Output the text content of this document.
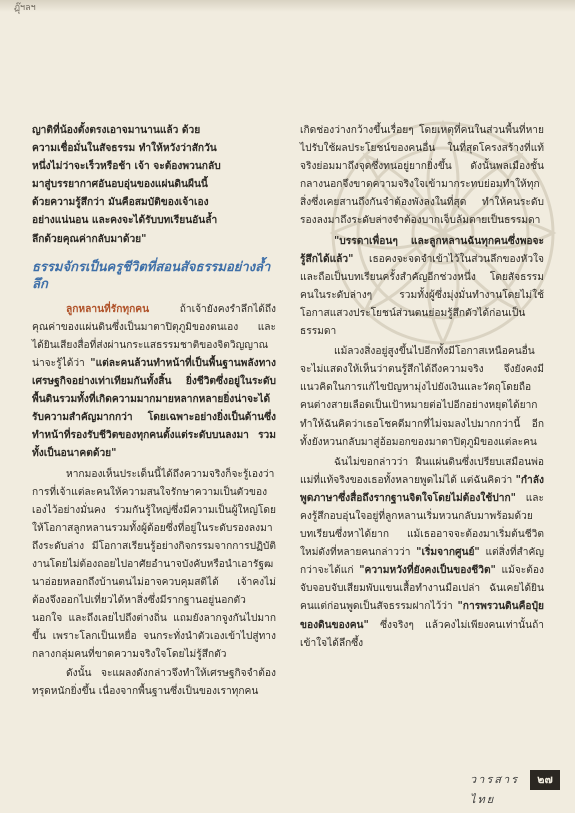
ฏุ๊ฯลฯ
ญาติที่น้องตั้งตรงเอาจมานานแล้ว ด้วย
ความเชื่อมั่นในสัจธรรม ทำให้หวังว่าสักวัน
หนึ่งไม่ว่าจะเร็วหรือช้า เจ้า จะต้องพวนกลับ
มาสู่บรรยากาศอันอบอุ่นของแผ่นดินผืนนี้
ด้วยความรู้สึกว่า มันคือสมบัติของเจ้าเอง
อย่างแน่นอน และคงจะได้รับบทเรียนอันล้ำ
ลึกด้วยคุณค่ากลับมาด้วย"
ธรรมจักรเป็นครูชีวิตที่สอนสัจธรรมอย่างล้ำลึก

ลูกหลานที่รักทุกคน	ถ้าเจ้ายังคงรำลึกได้ถึงคุณค่าของแผ่นดินซึ่งเป็นมาตาปิตุภูมิของตนเอง และได้ยินเสียงสื่อที่ส่งผ่านกระแสธรรมชาติของจิตวิญญาณ น่าจะรู้ได้ว่า "แต่ละคนล้วนทำหน้าที่เป็นพื้นฐานพลังทางเศรษฐกิจอย่างเท่าเทียมกันทั้งสิ้น ยิ่งชีวิตซึ่งอยู่ในระดับพื้นดินรวมทั้งที่เกิดความมากมายหลากหลายยิ่งน่าจะได้รับความสำคัญมากกว่า โดยเฉพาะอย่างยิ่งเป็นด้านซึ่งทำหน้าที่รองรับชีวิตของทุกคนตั้งแต่ระดับบนลงมา รวมทั้งเป็นอนาคตด้วย"

หากมองเห็นประเด็นนี้ได้ถึงความจริงก็จะรู้เองว่า การที่เจ้าแต่ละคนให้ความสนใจรักษาความเป็นตัวของเองไว้อย่างมั่นคง ร่วมกันรู้ใหญ่ซึ่งมีความเป็นผู้ใหญ่โดยให้โอกาสลูกหลานรวมทั้งผู้ด้อยซึ่งที่อยู่ในระดับรองลงมาถึงระดับล่าง มีโอกาสเรียนรู้อย่างกิจกรรมจากการปฏิบัติงานโดยไม่ต้องถอยไปอาศัยอำนาจบังคับหรือนำเอารัฐฒนาอ่อยหลอกถึงบ้านตนไม่อาจควบคุมสติได้ เจ้าคงไม่ต้องจึงออกไปเที่ยวได้หาสิ่งซึ่งมีรากฐานอยู่นอกตัวนอกใจ และถึงเลยไปถึงต่างถิ่น แถมยังลากจูงกันไปมากขึ้น เพราะโลกเป็นเหยื่อ จนกระทั่งนำตัวเองเข้าไปสู่ทางกลางกลุ่มคนที่ขาดความจริงใจโดยไม่รู้สึกตัว

ดังนั้น จะแผลงดังกล่าวจึงทำให้เศรษฐกิจจำต้องทรุดหนักยิ่งขึ้น เนื่องจากพื้นฐานซึ่งเป็นของเราทุกคน

เกิดช่องว่างกว้างขึ้นเรื่อยๆ โดยเหตุที่คนในส่วนพื้นที่หายไปรับใช้ผลประโยชน์ของคนอื่น ในที่สุดโครงสร้างที่แท้จริงย่อมมาถึงจุดซึ่งทนอยู่ยากยิ่งขึ้น ดังนั้นพลเมืองชั้นกลางนอกจึงขาดความจริงใจเข้ามากระทบย่อมทำให้ทุกสิ่งซึ่งเคยสานถึงกันจำต้องพังลงในที่สุด ทำให้คนระดับรองลงมาถึงระดับล่างจำต้องบากเจ็บล้มตายเป็นธรรมดา

"บรรดาเพื่อนๆ และลูกหลานฉันทุกคนซึ่งพอจะรู้สึกได้แล้ว" เธอคงจะจดจำเข้าไว้ในส่วนลึกของหัวใจและถือเป็นบทเรียนครั้งสำคัญอีกช่วงหนึ่ง โดยสัจธรรมคนในระดับล่างๆ รวมทั้งผู้ซึ่งมุ่งมั่นทำงานโดยไม่ใช้โอกาสแสวงประโยชน์ส่วนตนย่อมรู้สึกตัวได้ก่อนเป็นธรรมดา

แม้ลวงสิ่งอยู่สูงขึ้นไปอีกทั้งมีโอกาสเหนือคนอื่นจะไม่แสดงให้เห็นว่าตนรู้สึกได้ถึงความจริง จึงยังคงมีแนวคิดในการแก้ไขปัญหามุ่งไปยังเงินและวัตถุโดยถือคนต่างสายเลือดเป็นเป้าหมายต่อไปอีกอย่างหยุดได้ยาก ทำให้ฉันคิดว่าเธอโชคดีมากที่ไม่จมลงไปมากกว่านี้ อีกทั้งยังหวนกลับมาสู่อ้อมอกของมาตาปิตุภูมิของแต่ละคน

ฉันไม่ขอกล่าวว่า ฝืนแผ่นดินซึ่งเปรียบเสมือนพ่อแม่ที่แท้จริงของเธอทั้งหลายพูดไม่ได้ แต่ฉันคิดว่า "กำลังพูดภาษาซึ่งสื่อถึงรากฐานจิตใจโดยไม่ต้องใช้ปาก" และคงรู้สึกอบอุ่นใจอยู่ที่ลูกหลานเริ่มหวนกลับมาพร้อมด้วยบทเรียนซึ่งหาได้ยาก แม้เธออาจจะต้องมาเริ่มต้นชีวิตใหม่ดังที่หลายคนกล่าวว่า "เริ่มจากศูนย์" แต่สิ่งที่สำคัญกว่าจะได้แก่ "ความหวังที่ยังคงเป็นของชีวิต" แม้จะต้องจับจอบจับเสียมพับแขนเสื้อทำงานมือเปล่า ฉันเคยได้ยินคนแต่ก่อนพูดเป็นสัจธรรมฝากไว้ว่า "การพรวนดินคือปุ๋ยของดินของคน" ซึ่งจริงๆ แล้วคงไม่เพียงคนเท่านั้นถ้าเข้าใจได้ลึกซึ้ง

วารสารไทย
๒๗
